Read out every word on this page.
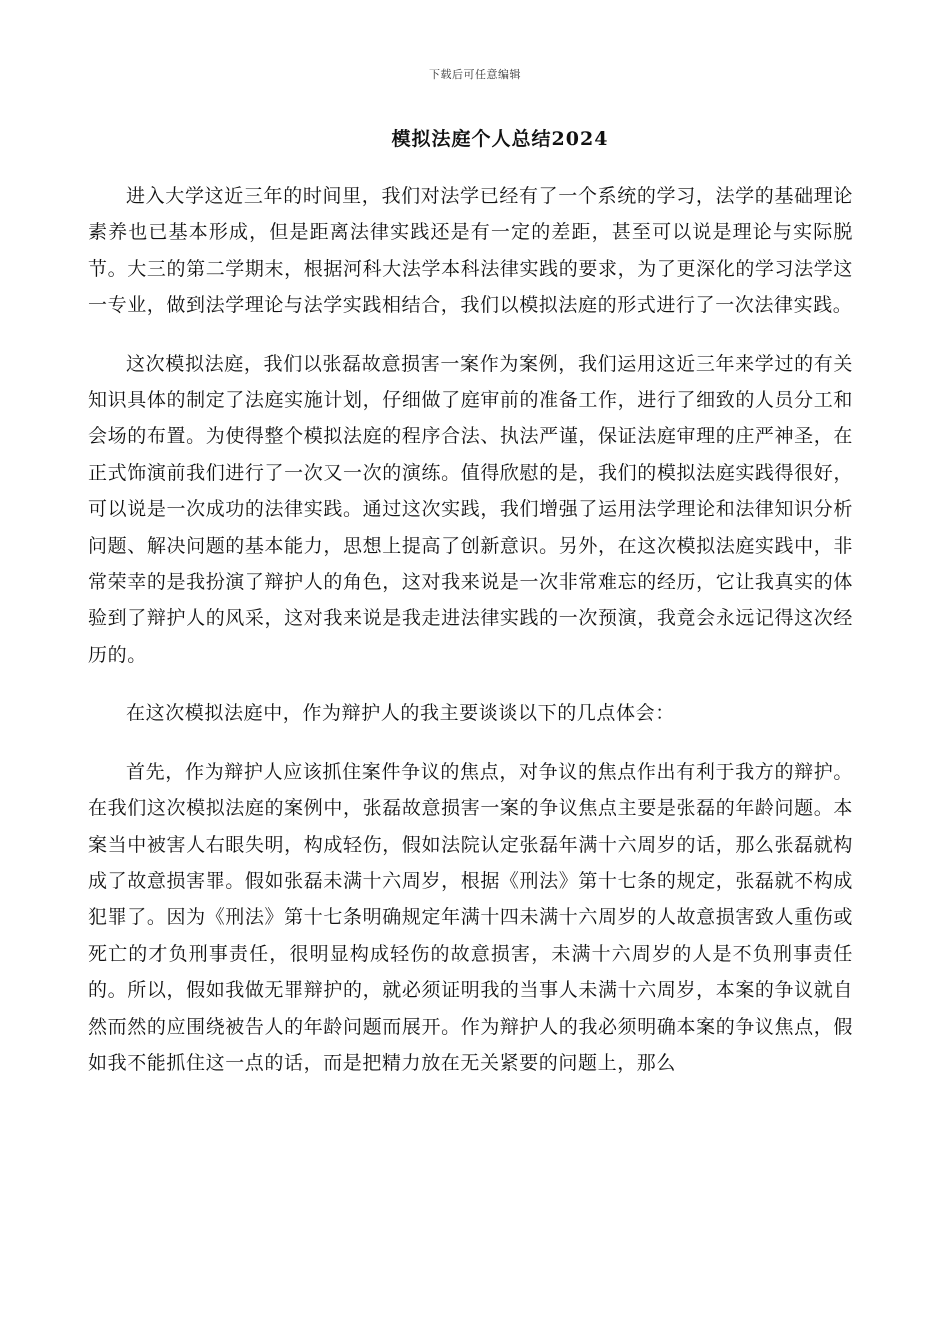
下载后可任意编辑
模拟法庭个人总结2024

进入大学这近三年的时间里，我们对法学已经有了一个系统的学习，法学的基础理论素养也已基本形成，但是距离法律实践还是有一定的差距，甚至可以说是理论与实际脱节。大三的第二学期末，根据河科大法学本科法律实践的要求，为了更深化的学习法学这一专业，做到法学理论与法学实践相结合，我们以模拟法庭的形式进行了一次法律实践。

这次模拟法庭，我们以张磊故意损害一案作为案例，我们运用这近三年来学过的有关知识具体的制定了法庭实施计划，仔细做了庭审前的准备工作，进行了细致的人员分工和会场的布置。为使得整个模拟法庭的程序合法、执法严谨，保证法庭审理的庄严神圣，在正式饰演前我们进行了一次又一次的演练。值得欣慰的是，我们的模拟法庭实践得很好，可以说是一次成功的法律实践。通过这次实践，我们增强了运用法学理论和法律知识分析问题、解决问题的基本能力，思想上提高了创新意识。另外，在这次模拟法庭实践中，非常荣幸的是我扮演了辩护人的角色，这对我来说是一次非常难忘的经历，它让我真实的体验到了辩护人的风采，这对我来说是我走进法律实践的一次预演，我竟会永远记得这次经历的。

在这次模拟法庭中，作为辩护人的我主要谈谈以下的几点体会：

首先，作为辩护人应该抓住案件争议的焦点，对争议的焦点作出有利于我方的辩护。在我们这次模拟法庭的案例中，张磊故意损害一案的争议焦点主要是张磊的年龄问题。本案当中被害人右眼失明，构成轻伤，假如法院认定张磊年满十六周岁的话，那么张磊就构成了故意损害罪。假如张磊未满十六周岁，根据《刑法》第十七条的规定，张磊就不构成犯罪了。因为《刑法》第十七条明确规定年满十四未满十六周岁的人故意损害致人重伤或死亡的才负刑事责任，很明显构成轻伤的故意损害，未满十六周岁的人是不负刑事责任的。所以，假如我做无罪辩护的，就必须证明我的当事人未满十六周岁，本案的争议就自然而然的应围绕被告人的年龄问题而展开。作为辩护人的我必须明确本案的争议焦点，假如我不能抓住这一点的话，而是把精力放在无关紧要的问题上，那么
